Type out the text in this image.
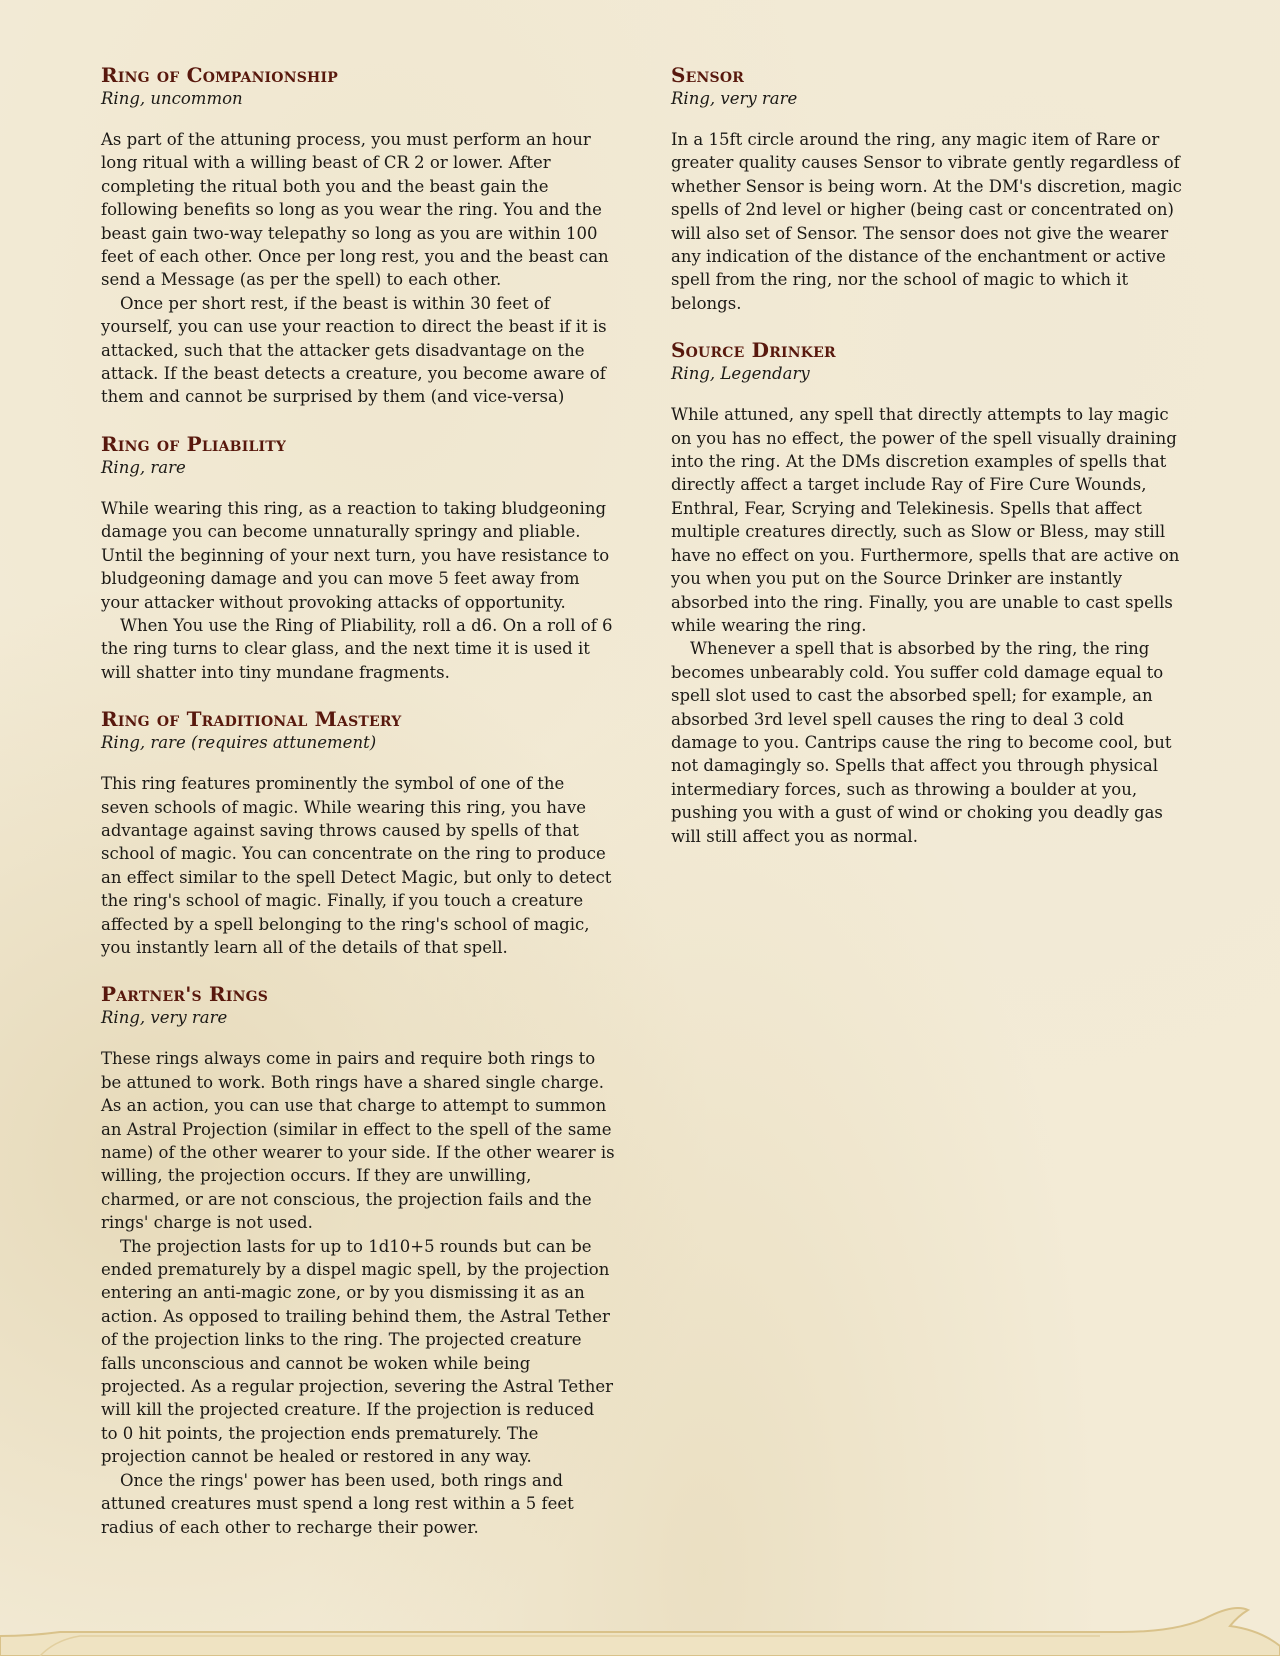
Ring of Companionship
Ring, uncommon

As part of the attuning process, you must perform an hour long ritual with a willing beast of CR 2 or lower. After completing the ritual both you and the beast gain the following benefits so long as you wear the ring. You and the beast gain two-way telepathy so long as you are within 100 feet of each other. Once per long rest, you and the beast can send a Message (as per the spell) to each other.

Once per short rest, if the beast is within 30 feet of yourself, you can use your reaction to direct the beast if it is attacked, such that the attacker gets disadvantage on the attack. If the beast detects a creature, you become aware of them and cannot be surprised by them (and vice-versa)

Ring of Pliability
Ring, rare

While wearing this ring, as a reaction to taking bludgeoning damage you can become unnaturally springy and pliable. Until the beginning of your next turn, you have resistance to bludgeoning damage and you can move 5 feet away from your attacker without provoking attacks of opportunity.

When You use the Ring of Pliability, roll a d6. On a roll of 6 the ring turns to clear glass, and the next time it is used it will shatter into tiny mundane fragments.

Ring of Traditional Mastery
Ring, rare (requires attunement)

This ring features prominently the symbol of one of the seven schools of magic. While wearing this ring, you have advantage against saving throws caused by spells of that school of magic. You can concentrate on the ring to produce an effect similar to the spell Detect Magic, but only to detect the ring's school of magic. Finally, if you touch a creature affected by a spell belonging to the ring's school of magic, you instantly learn all of the details of that spell.

Partner's Rings
Ring, very rare

These rings always come in pairs and require both rings to be attuned to work. Both rings have a shared single charge. As an action, you can use that charge to attempt to summon an Astral Projection (similar in effect to the spell of the same name) of the other wearer to your side. If the other wearer is willing, the projection occurs. If they are unwilling, charmed, or are not conscious, the projection fails and the rings' charge is not used.

The projection lasts for up to 1d10+5 rounds but can be ended prematurely by a dispel magic spell, by the projection entering an anti-magic zone, or by you dismissing it as an action. As opposed to trailing behind them, the Astral Tether of the projection links to the ring. The projected creature falls unconscious and cannot be woken while being projected. As a regular projection, severing the Astral Tether will kill the projected creature. If the projection is reduced to 0 hit points, the projection ends prematurely. The projection cannot be healed or restored in any way.

Once the rings' power has been used, both rings and attuned creatures must spend a long rest within a 5 feet radius of each other to recharge their power.

Sensor
Ring, very rare

In a 15ft circle around the ring, any magic item of Rare or greater quality causes Sensor to vibrate gently regardless of whether Sensor is being worn. At the DM's discretion, magic spells of 2nd level or higher (being cast or concentrated on) will also set of Sensor. The sensor does not give the wearer any indication of the distance of the enchantment or active spell from the ring, nor the school of magic to which it belongs.

Source Drinker
Ring, Legendary

While attuned, any spell that directly attempts to lay magic on you has no effect, the power of the spell visually draining into the ring. At the DMs discretion examples of spells that directly affect a target include Ray of Fire Cure Wounds, Enthral, Fear, Scrying and Telekinesis. Spells that affect multiple creatures directly, such as Slow or Bless, may still have no effect on you. Furthermore, spells that are active on you when you put on the Source Drinker are instantly absorbed into the ring. Finally, you are unable to cast spells while wearing the ring.

Whenever a spell that is absorbed by the ring, the ring becomes unbearably cold. You suffer cold damage equal to spell slot used to cast the absorbed spell; for example, an absorbed 3rd level spell causes the ring to deal 3 cold damage to you. Cantrips cause the ring to become cool, but not damagingly so. Spells that affect you through physical intermediary forces, such as throwing a boulder at you, pushing you with a gust of wind or choking you deadly gas will still affect you as normal.
